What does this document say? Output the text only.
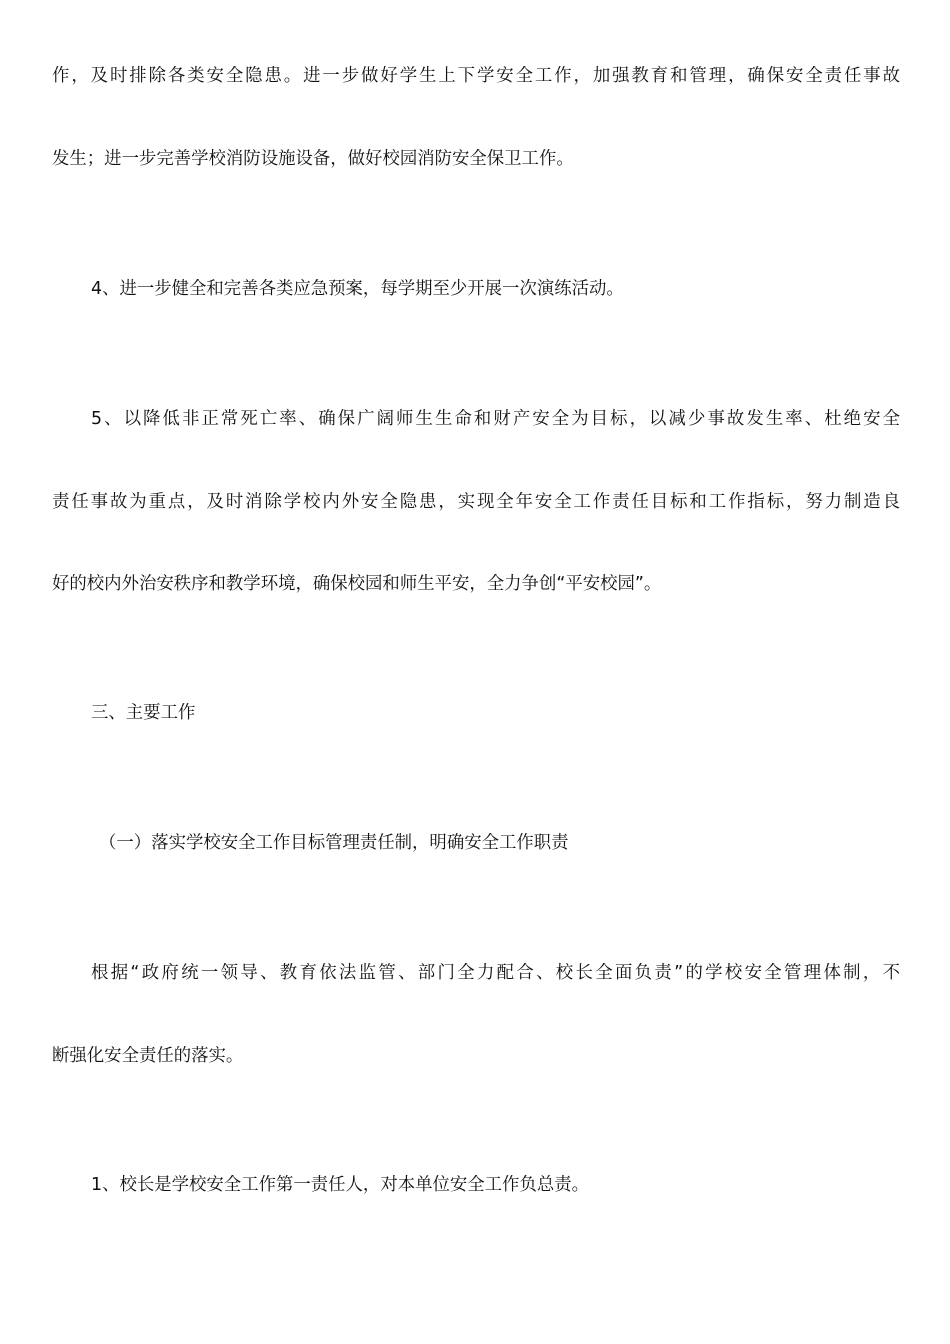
作，及时排除各类安全隐患。进一步做好学生上下学安全工作，加强教育和管理，确保安全责任事故
发生；进一步完善学校消防设施设备，做好校园消防安全保卫工作。
4、进一步健全和完善各类应急预案，每学期至少开展一次演练活动。
5、以降低非正常死亡率、确保广阔师生生命和财产安全为目标，以减少事故发生率、杜绝安全
责任事故为重点，及时消除学校内外安全隐患，实现全年安全工作责任目标和工作指标，努力制造良
好的校内外治安秩序和教学环境，确保校园和师生平安，全力争创“平安校园”。
三、主要工作
（一）落实学校安全工作目标管理责任制，明确安全工作职责
根据“政府统一领导、教育依法监管、部门全力配合、校长全面负责”的学校安全管理体制，不
断强化安全责任的落实。
1、校长是学校安全工作第一责任人，对本单位安全工作负总责。
